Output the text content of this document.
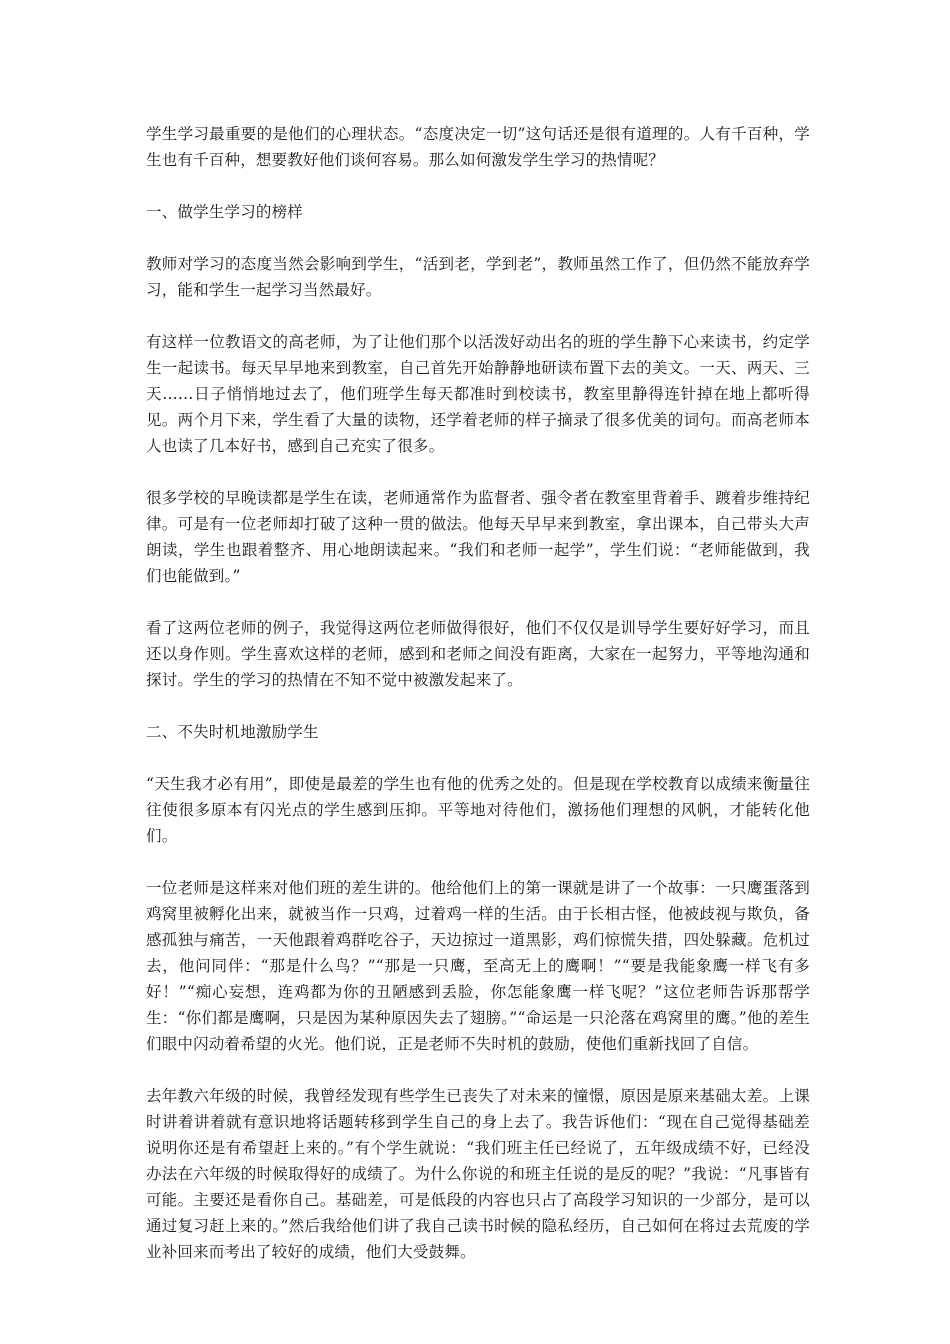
学生学习最重要的是他们的心理状态。“态度决定一切”这句话还是很有道理的。人有千百种，学生也有千百种，想要教好他们谈何容易。那么如何激发学生学习的热情呢？

一、做学生学习的榜样

教师对学习的态度当然会影响到学生，“活到老，学到老”，教师虽然工作了，但仍然不能放弃学习，能和学生一起学习当然最好。

有这样一位教语文的高老师，为了让他们那个以活泼好动出名的班的学生静下心来读书，约定学生一起读书。每天早早地来到教室，自己首先开始静静地研读布置下去的美文。一天、两天、三天……日子悄悄地过去了，他们班学生每天都准时到校读书，教室里静得连针掉在地上都听得见。两个月下来，学生看了大量的读物，还学着老师的样子摘录了很多优美的词句。而高老师本人也读了几本好书，感到自己充实了很多。

很多学校的早晚读都是学生在读，老师通常作为监督者、强令者在教室里背着手、踱着步维持纪律。可是有一位老师却打破了这种一贯的做法。他每天早早来到教室，拿出课本，自己带头大声朗读，学生也跟着整齐、用心地朗读起来。“我们和老师一起学”，学生们说：“老师能做到，我们也能做到。”

看了这两位老师的例子，我觉得这两位老师做得很好，他们不仅仅是训导学生要好好学习，而且还以身作则。学生喜欢这样的老师，感到和老师之间没有距离，大家在一起努力，平等地沟通和探讨。学生的学习的热情在不知不觉中被激发起来了。

二、不失时机地激励学生

“天生我才必有用”，即使是最差的学生也有他的优秀之处的。但是现在学校教育以成绩来衡量往往使很多原本有闪光点的学生感到压抑。平等地对待他们，激扬他们理想的风帆，才能转化他们。

一位老师是这样来对他们班的差生讲的。他给他们上的第一课就是讲了一个故事：一只鹰蛋落到鸡窝里被孵化出来，就被当作一只鸡，过着鸡一样的生活。由于长相古怪，他被歧视与欺负，备感孤独与痛苦，一天他跟着鸡群吃谷子，天边掠过一道黑影，鸡们惊慌失措，四处躲藏。危机过去，他问同伴：“那是什么鸟？”“那是一只鹰，至高无上的鹰啊！”“要是我能象鹰一样飞有多好！”“痴心妄想，连鸡都为你的丑陋感到丢脸，你怎能象鹰一样飞呢？”这位老师告诉那帮学生：“你们都是鹰啊，只是因为某种原因失去了翅膀。”“命运是一只沦落在鸡窝里的鹰。”他的差生们眼中闪动着希望的火光。他们说，正是老师不失时机的鼓励，使他们重新找回了自信。

去年教六年级的时候，我曾经发现有些学生已丧失了对未来的憧憬，原因是原来基础太差。上课时讲着讲着就有意识地将话题转移到学生自己的身上去了。我告诉他们：“现在自己觉得基础差说明你还是有希望赶上来的。”有个学生就说：“我们班主任已经说了，五年级成绩不好，已经没办法在六年级的时候取得好的成绩了。为什么你说的和班主任说的是反的呢？”我说：“凡事皆有可能。主要还是看你自己。基础差，可是低段的内容也只占了高段学习知识的一少部分，是可以通过复习赶上来的。”然后我给他们讲了我自己读书时候的隐私经历，自己如何在将过去荒废的学业补回来而考出了较好的成绩，他们大受鼓舞。
